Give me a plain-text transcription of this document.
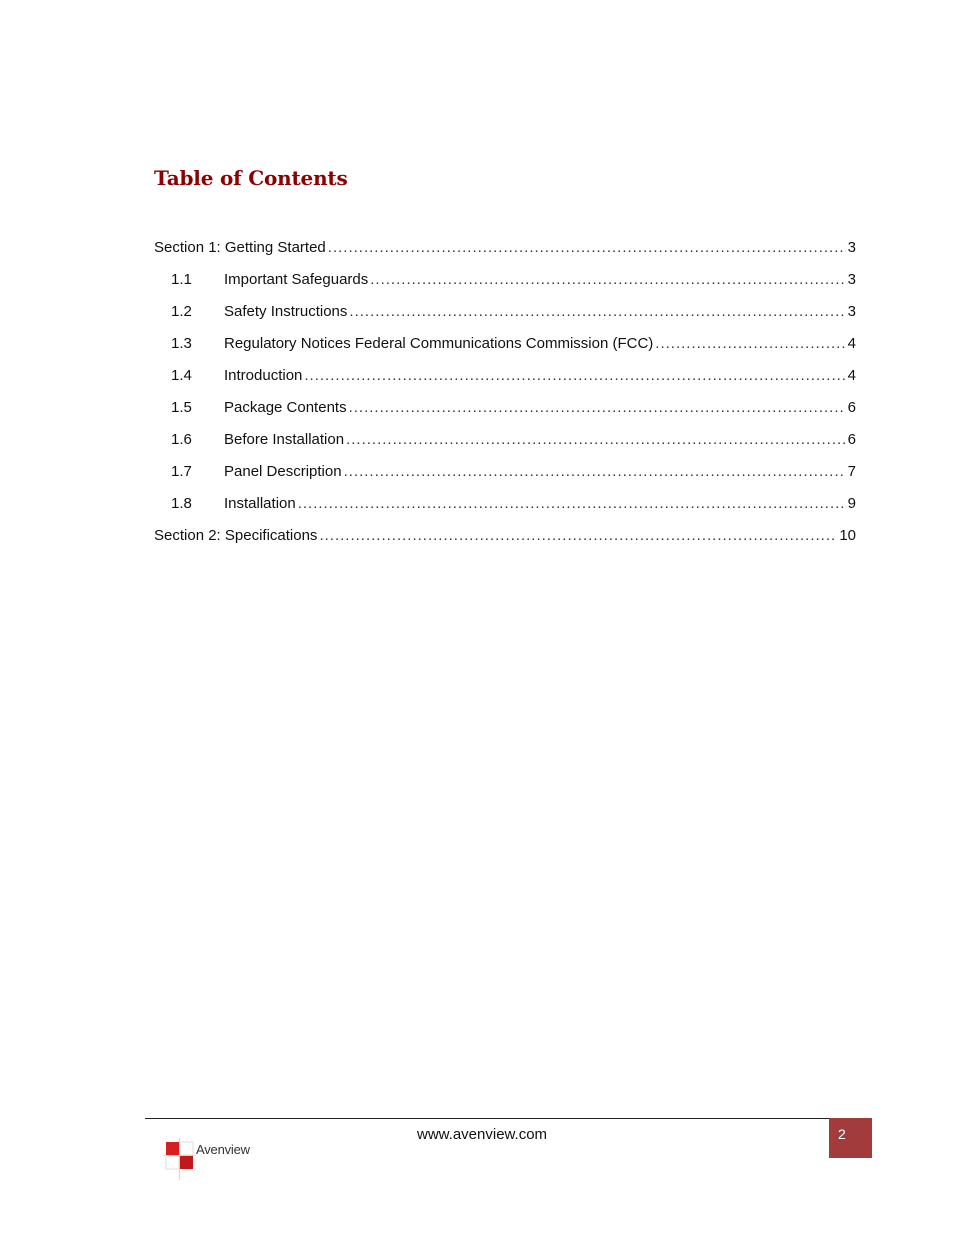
Table of Contents
Section 1: Getting Started .....	3
1.1	Important Safeguards .....	3
1.2	Safety Instructions .....	3
1.3	Regulatory Notices Federal Communications Commission (FCC) .....	4
1.4	Introduction .....	4
1.5	Package Contents .....	6
1.6	Before Installation .....	6
1.7	Panel Description .....	7
1.8	Installation .....	9
Section 2: Specifications .....	10
Avenview
www.avenview.com	2
